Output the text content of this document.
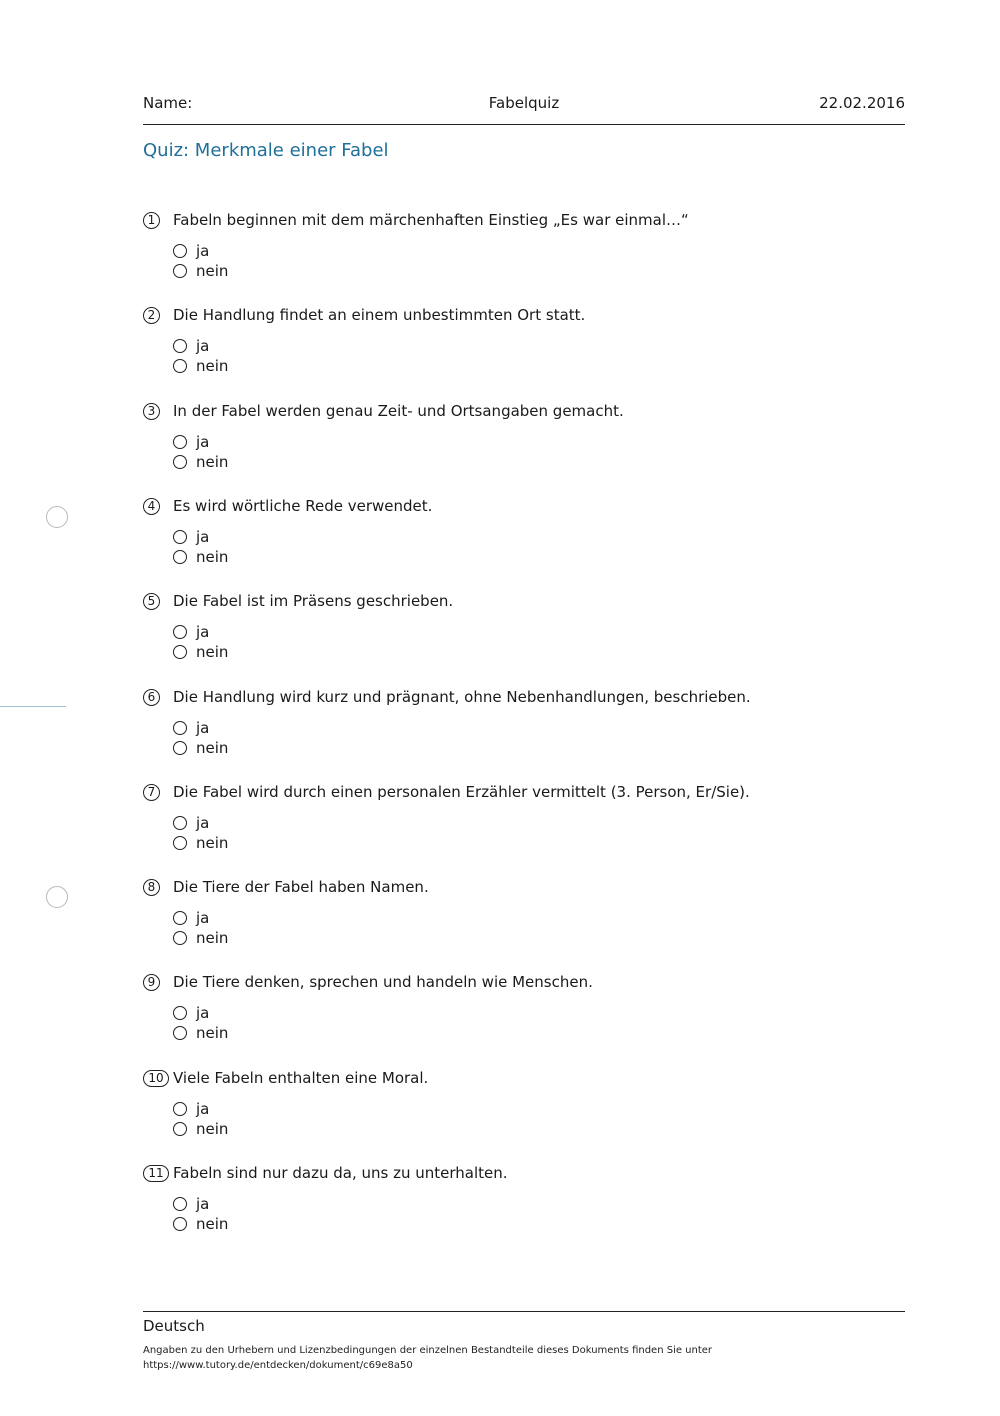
Name:	Fabelquiz	22.02.2016
Quiz: Merkmale einer Fabel
1	Fabeln beginnen mit dem märchenhaften Einstieg „Es war einmal…“
ja
nein
2	Die Handlung findet an einem unbestimmten Ort statt.
ja
nein
3	In der Fabel werden genau Zeit- und Ortsangaben gemacht.
ja
nein
4	Es wird wörtliche Rede verwendet.
ja
nein
5	Die Fabel ist im Präsens geschrieben.
ja
nein
6	Die Handlung wird kurz und prägnant, ohne Nebenhandlungen, beschrieben.
ja
nein
7	Die Fabel wird durch einen personalen Erzähler vermittelt (3. Person, Er/Sie).
ja
nein
8	Die Tiere der Fabel haben Namen.
ja
nein
9	Die Tiere denken, sprechen und handeln wie Menschen.
ja
nein
10 Viele Fabeln enthalten eine Moral.
ja
nein
11 Fabeln sind nur dazu da, uns zu unterhalten.
ja
nein
Deutsch
Angaben zu den Urhebern und Lizenzbedingungen der einzelnen Bestandteile dieses Dokuments finden Sie unter
https://www.tutory.de/entdecken/dokument/c69e8a50
